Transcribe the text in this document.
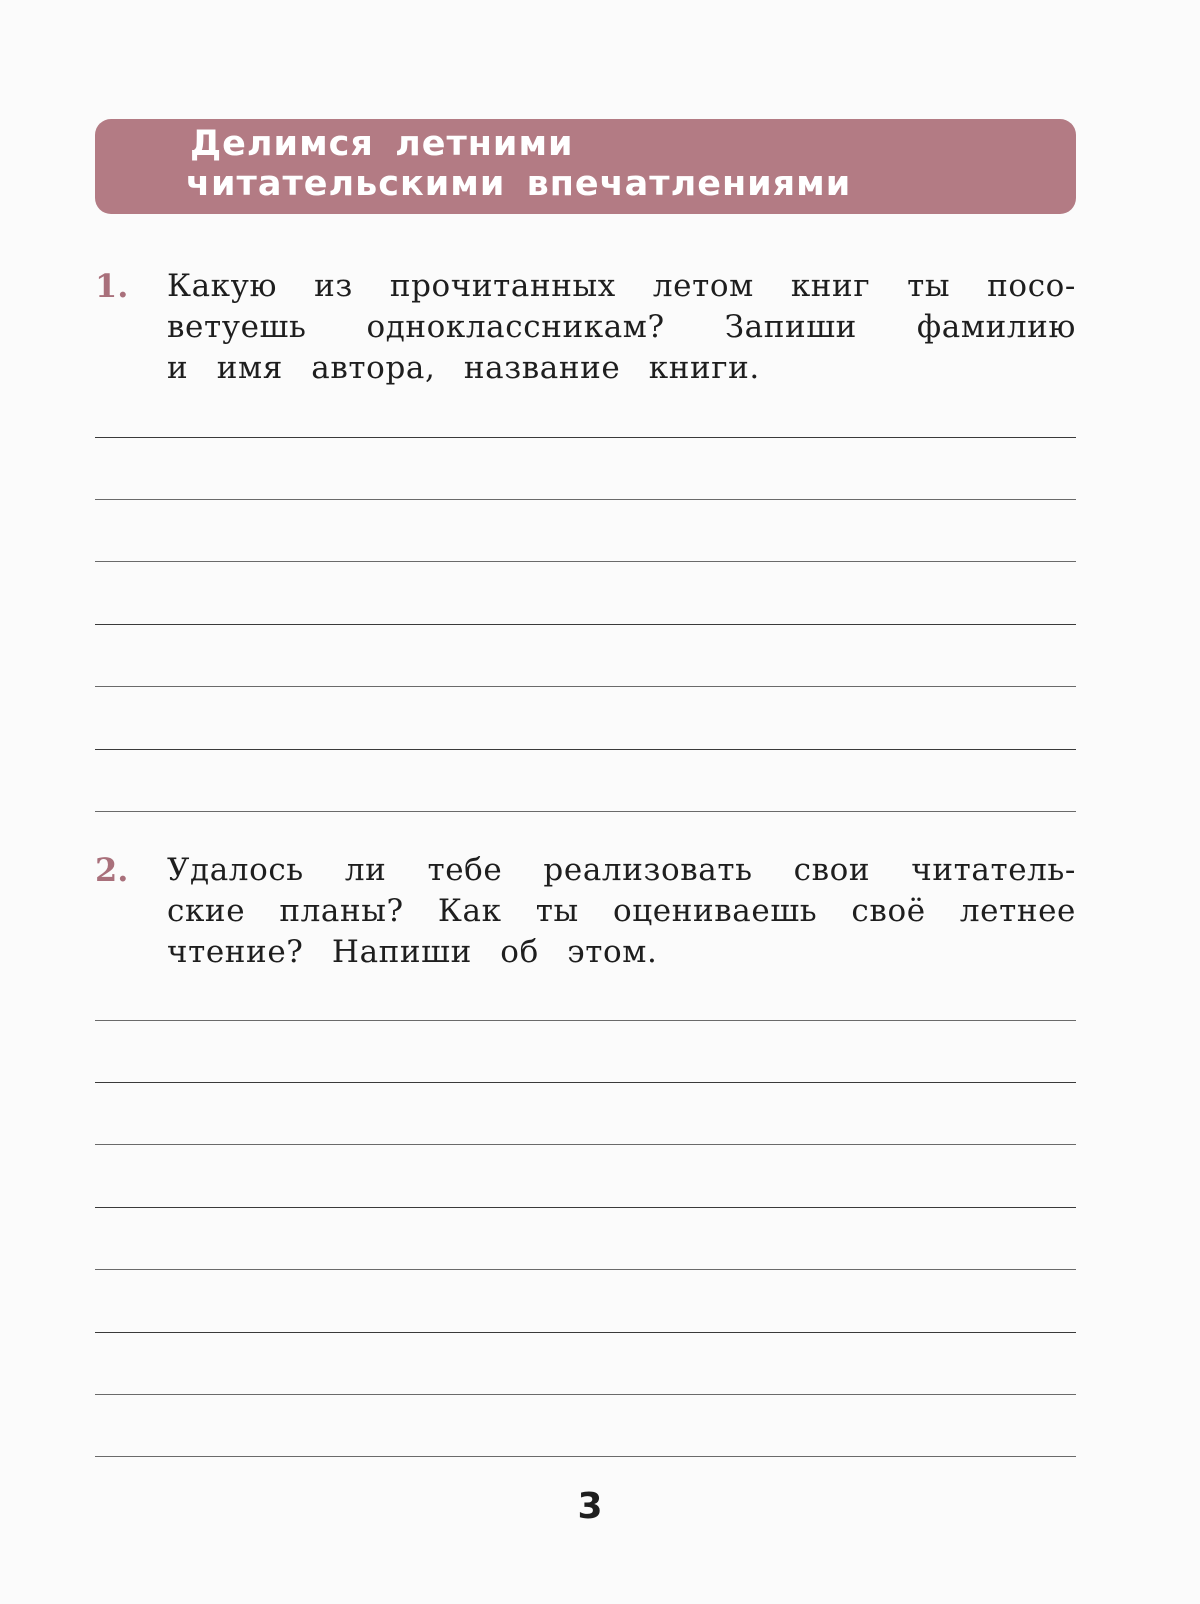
Делимся летними
читательскими впечатлениями
1. Какую из прочитанных летом книг ты посо-
ветуешь одноклассникам? Запиши фамилию
и имя автора, название книги.
2. Удалось ли тебе реализовать свои читатель-
ские планы? Как ты оцениваешь своё летнее
чтение? Напиши об этом.
3
